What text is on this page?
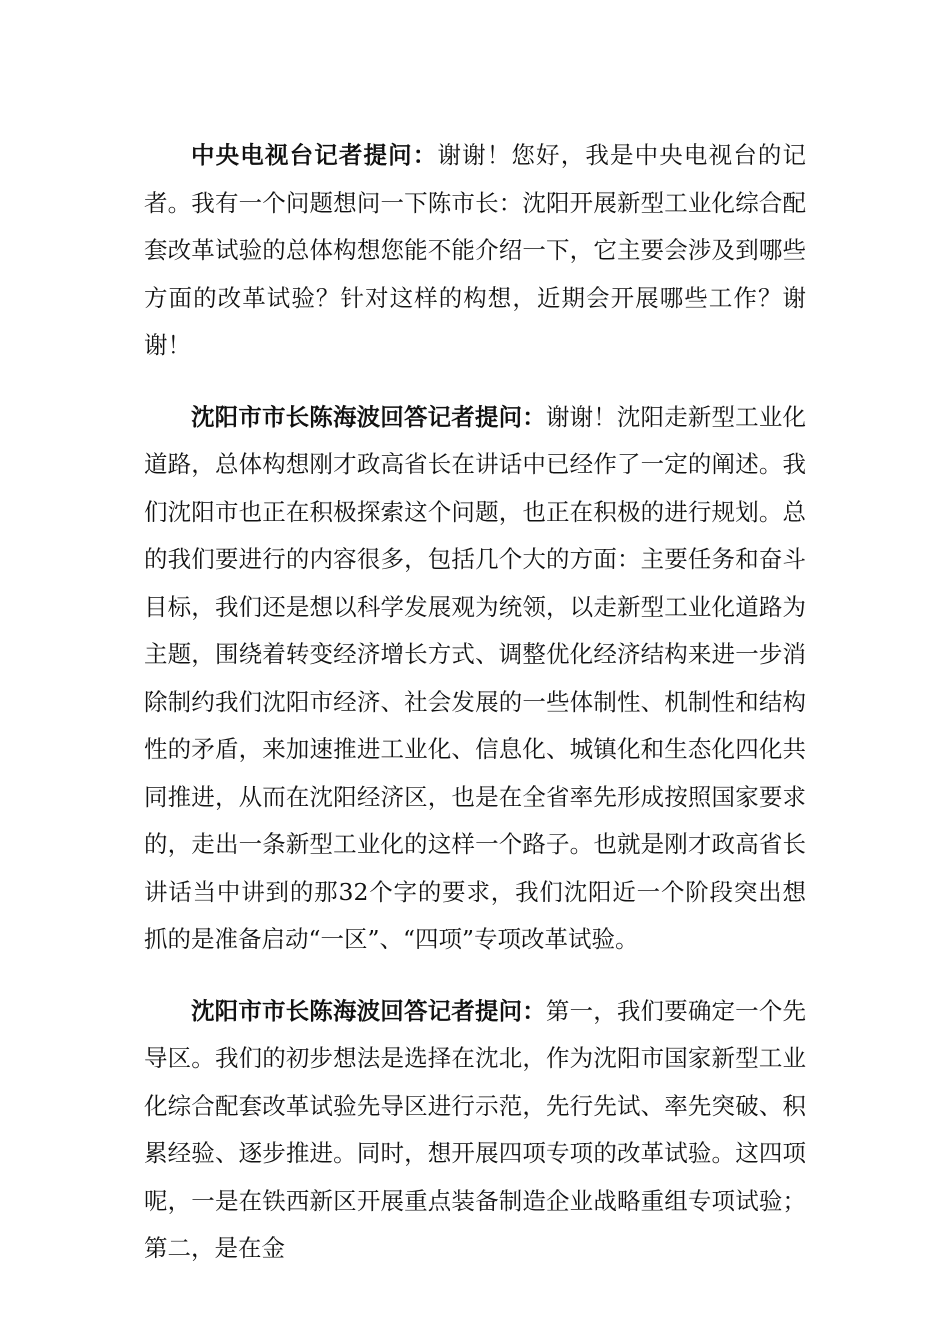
中央电视台记者提问：谢谢！您好，我是中央电视台的记者。我有一个问题想问一下陈市长：沈阳开展新型工业化综合配套改革试验的总体构想您能不能介绍一下，它主要会涉及到哪些方面的改革试验？针对这样的构想，近期会开展哪些工作？谢谢！

沈阳市市长陈海波回答记者提问：谢谢！沈阳走新型工业化道路，总体构想刚才政高省长在讲话中已经作了一定的阐述。我们沈阳市也正在积极探索这个问题，也正在积极的进行规划。总的我们要进行的内容很多，包括几个大的方面：主要任务和奋斗目标，我们还是想以科学发展观为统领，以走新型工业化道路为主题，围绕着转变经济增长方式、调整优化经济结构来进一步消除制约我们沈阳市经济、社会发展的一些体制性、机制性和结构性的矛盾，来加速推进工业化、信息化、城镇化和生态化四化共同推进，从而在沈阳经济区，也是在全省率先形成按照国家要求的，走出一条新型工业化的这样一个路子。也就是刚才政高省长讲话当中讲到的那32个字的要求，我们沈阳近一个阶段突出想抓的是准备启动“一区”、“四项”专项改革试验。

沈阳市市长陈海波回答记者提问：第一，我们要确定一个先导区。我们的初步想法是选择在沈北，作为沈阳市国家新型工业化综合配套改革试验先导区进行示范，先行先试、率先突破、积累经验、逐步推进。同时，想开展四项专项的改革试验。这四项呢，一是在铁西新区开展重点装备制造企业战略重组专项试验；第二，是在金
